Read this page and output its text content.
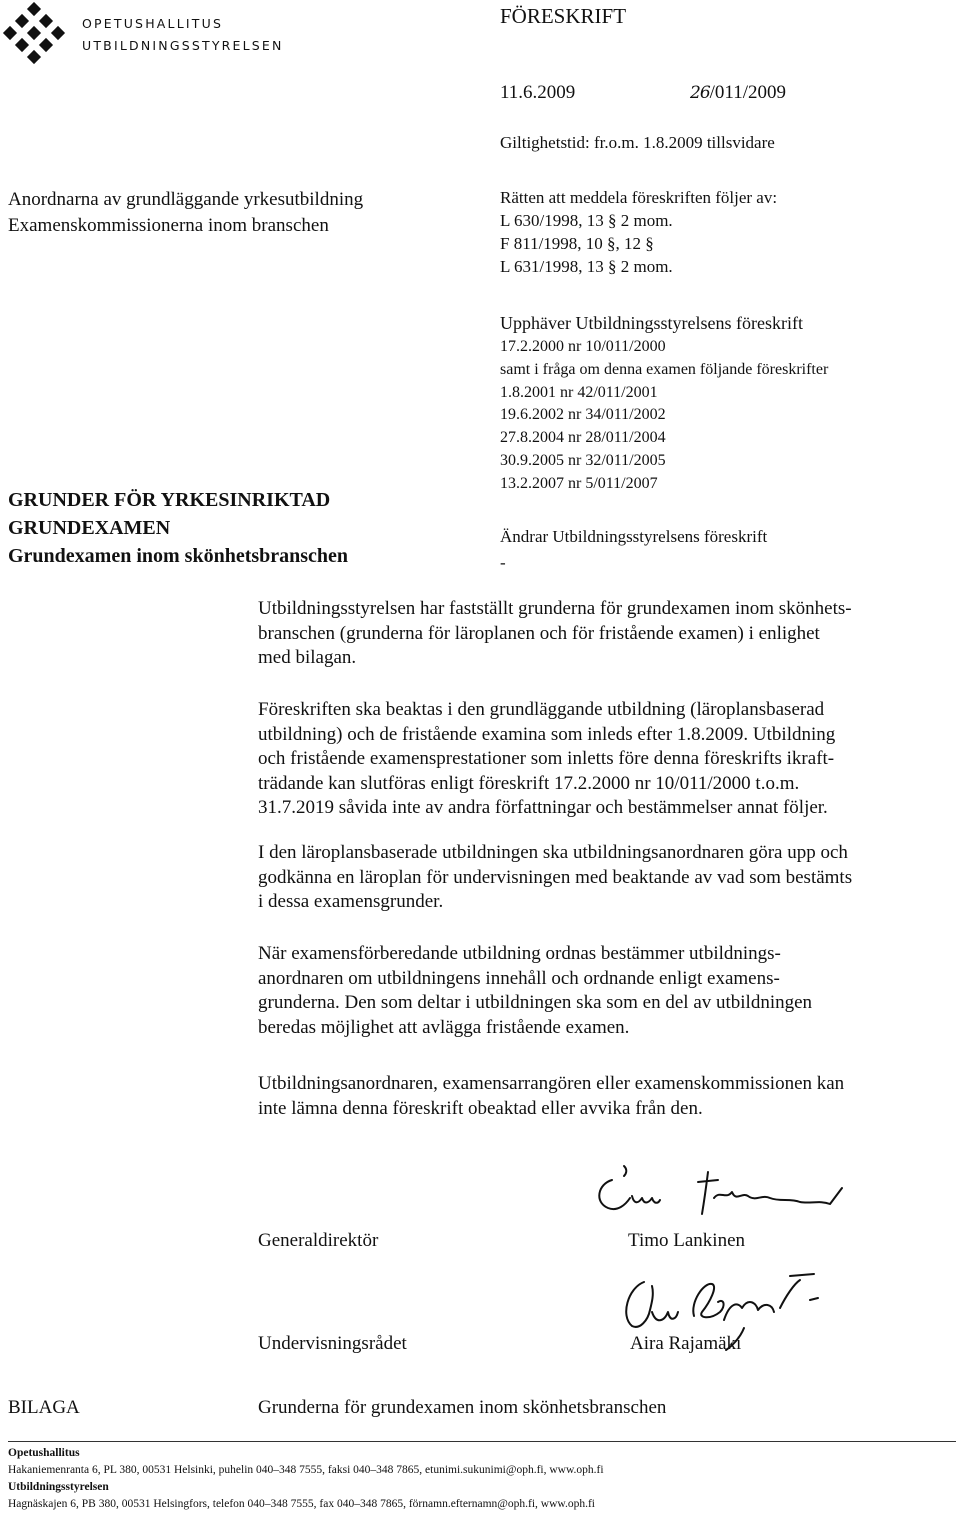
OPETUSHALLITUS
UTBILDNINGSSTYRELSEN
FÖRESKRIFT
11.6.2009	26/011/2009
Giltighetstid: fr.o.m. 1.8.2009 tillsvidare
Anordnarna av grundläggande yrkesutbildning
Examenskommissionerna inom branschen
Rätten att meddela föreskriften följer av:
L 630/1998, 13 § 2 mom.
F 811/1998, 10 §, 12 §
L 631/1998, 13 § 2 mom.
Upphäver Utbildningsstyrelsens föreskrift
17.2.2000 nr 10/011/2000
samt i fråga om denna examen följande föreskrifter
1.8.2001 nr 42/011/2001
19.6.2002 nr 34/011/2002
27.8.2004 nr 28/011/2004
30.9.2005 nr 32/011/2005
13.2.2007 nr 5/011/2007
Ändrar Utbildningsstyrelsens föreskrift
-
GRUNDER FÖR YRKESINRIKTAD
GRUNDEXAMEN
Grundexamen inom skönhetsbranschen
Utbildningsstyrelsen har fastställt grunderna för grundexamen inom skönhets-
branschen (grunderna för läroplanen och för fristående examen) i enlighet
med bilagan.
Föreskriften ska beaktas i den grundläggande utbildning (läroplansbaserad
utbildning) och de fristående examina som inleds efter 1.8.2009. Utbildning
och fristående examensprestationer som inletts före denna föreskrifts ikraft-
trädande kan slutföras enligt föreskrift 17.2.2000 nr 10/011/2000 t.o.m.
31.7.2019 såvida inte av andra författningar och bestämmelser annat följer.
I den läroplansbaserade utbildningen ska utbildningsanordnaren göra upp och
godkänna en läroplan för undervisningen med beaktande av vad som bestämts
i dessa examensgrunder.
När examensförberedande utbildning ordnas bestämmer utbildnings-
anordnaren om utbildningens innehåll och ordnande enligt examens-
grunderna. Den som deltar i utbildningen ska som en del av utbildningen
beredas möjlighet att avlägga fristående examen.
Utbildningsanordnaren, examensarrangören eller examenskommissionen kan
inte lämna denna föreskrift obeaktad eller avvika från den.
Generaldirektör	Timo Lankinen
Undervisningsrådet	Aira Rajamäki
BILAGA	Grunderna för grundexamen inom skönhetsbranschen
Opetushallitus
Hakaniemenranta 6, PL 380, 00531 Helsinki, puhelin 040–348 7555, faksi 040–348 7865, etunimi.sukunimi@oph.fi, www.oph.fi
Utbildningsstyrelsen
Hagnäskajen 6, PB 380, 00531 Helsingfors, telefon 040–348 7555, fax 040–348 7865, förnamn.efternamn@oph.fi, www.oph.fi
